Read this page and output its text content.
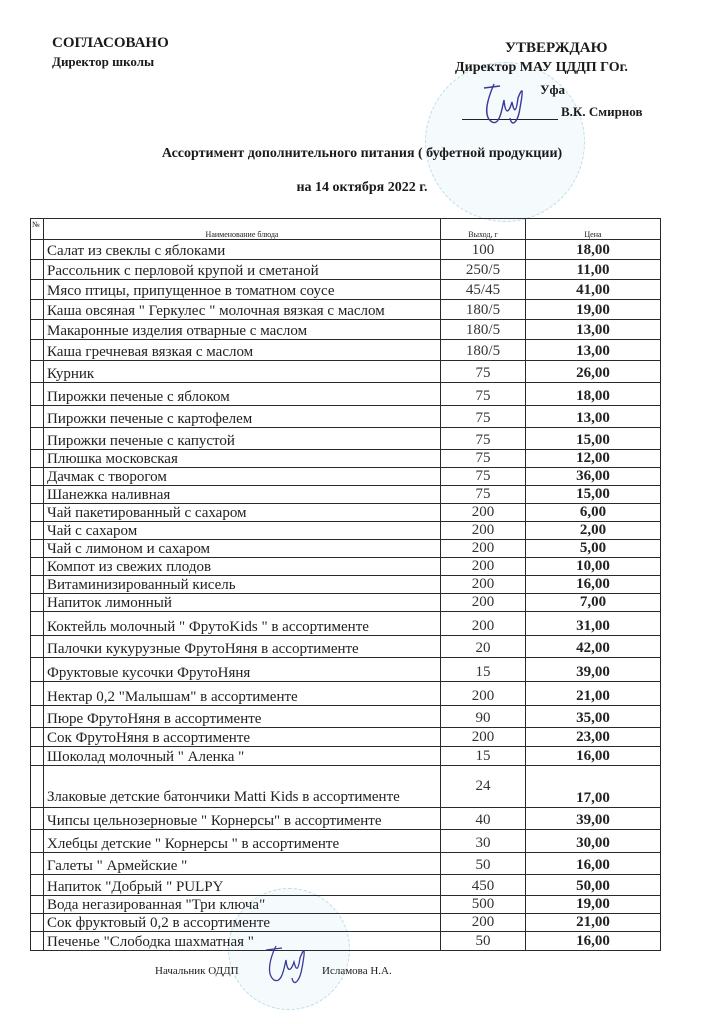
СОГЛАСОВАНО
Директор школы
УТВЕРЖДАЮ
Директор МАУ ЦДДП ГОг.
Уфа
В.К. Смирнов
Ассортимент дополнительного питания ( буфетной продукции)
на 14 октября 2022 г.
№	Наименование блюда	Выход, г	Цена
	Салат из свеклы с яблоками	100	18,00
	Рассольник с перловой крупой и сметаной	250/5	11,00
	Мясо птицы, припущенное в томатном соусе	45/45	41,00
	Каша овсяная " Геркулес " молочная вязкая с маслом	180/5	19,00
	Макаронные изделия отварные с маслом	180/5	13,00
	Каша гречневая вязкая с маслом	180/5	13,00
	Курник	75	26,00
	Пирожки печеные с яблоком	75	18,00
	Пирожки печеные с картофелем	75	13,00
	Пирожки печеные с капустой	75	15,00
	Плюшка московская	75	12,00
	Дачмак с творогом	75	36,00
	Шанежка наливная	75	15,00
	Чай пакетированный с сахаром	200	6,00
	Чай с сахаром	200	2,00
	Чай с лимоном и сахаром	200	5,00
	Компот из свежих плодов	200	10,00
	Витаминизированный кисель	200	16,00
	Напиток лимонный	200	7,00
	Коктейль молочный " ФрутоKids " в ассортименте	200	31,00
	Палочки кукурузные ФрутоНяня в ассортименте	20	42,00
	Фруктовые кусочки ФрутоНяня	15	39,00
	Нектар 0,2 "Малышам" в ассортименте	200	21,00
	Пюре ФрутоНяня в ассортименте	90	35,00
	Сок ФрутоНяня в ассортименте	200	23,00
	Шоколад молочный " Аленка "	15	16,00
	Злаковые детские батончики Matti Kids в ассортименте	24	17,00
	Чипсы цельнозерновые " Корнерсы" в ассортименте	40	39,00
	Хлебцы детские " Корнерсы " в ассортименте	30	30,00
	Галеты " Армейские "	50	16,00
	Напиток "Добрый " PULPY	450	50,00
	Вода негазированная "Три ключа"	500	19,00
	Сок фруктовый 0,2 в ассортименте	200	21,00
	Печенье "Слободка шахматная "	50	16,00
Начальник ОДДП	Исламова Н.А.
